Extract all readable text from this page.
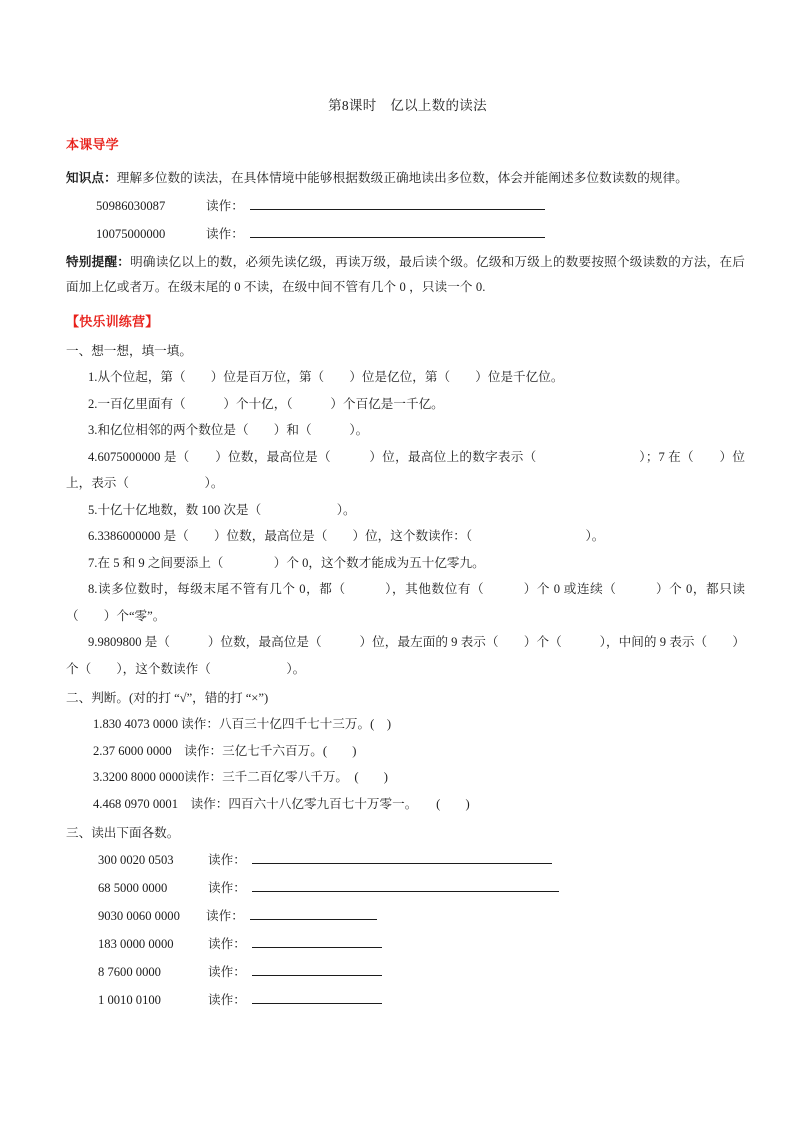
第8课时　亿以上数的读法
本课导学
知识点：理解多位数的读法，在具体情境中能够根据数级正确地读出多位数，体会并能阐述多位数读数的规律。
50986030087	读作：
10075000000	读作：
特别提醒：明确读亿以上的数，必须先读亿级，再读万级，最后读个级。亿级和万级上的数要按照个级读数的方法，在后面加上亿或者万。在级末尾的 0 不读，在级中间不管有几个 0 ，只读一个 0.
【快乐训练营】
一、想一想，填一填。
1.从个位起，第（　　）位是百万位，第（　　）位是亿位，第（　　）位是千亿位。
2.一百亿里面有（　　　）个十亿，（　　　）个百亿是一千亿。
3.和亿位相邻的两个数位是（　　）和（　　　）。
4.6075000000 是（　　）位数，最高位是（　　　）位，最高位上的数字表示（　　　　　　　　）；7 在（　　）位上，表示（　　　　　　）。
5.十亿十亿地数，数 100 次是（　　　　　　）。
6.3386000000 是（　　）位数，最高位是（　　）位，这个数读作：（　　　　　　　　　）。
7.在 5 和 9 之间要添上（　　　　）个 0，这个数才能成为五十亿零九。
8.读多位数时，每级末尾不管有几个 0，都（　　　），其他数位有（　　　）个 0 或连续（　　　）个 0，都只读（　　）个“零”。
9.9809800 是（　　　）位数，最高位是（　　　）位，最左面的 9 表示（　　）个（　　　），中间的 9 表示（　　）个（　　），这个数读作（　　　　　　）。
二、判断。(对的打 “√”，错的打 “×”)
1.830 4073 0000 读作：八百三十亿四千七十三万。(　)
2.37 6000 0000　读作：三亿七千六百万。(　　)
3.3200 8000 0000读作：三千二百亿零八千万。　(　　)
4.468 0970 0001　读作：四百六十八亿零九百七十万零一。　　(　　)
三、读出下面各数。
300 0020 0503	读作：
68 5000 0000	读作：
9030 0060 0000	读作：
183 0000 0000	读作：
8 7600 0000	读作：
1 0010 0100	读作：
